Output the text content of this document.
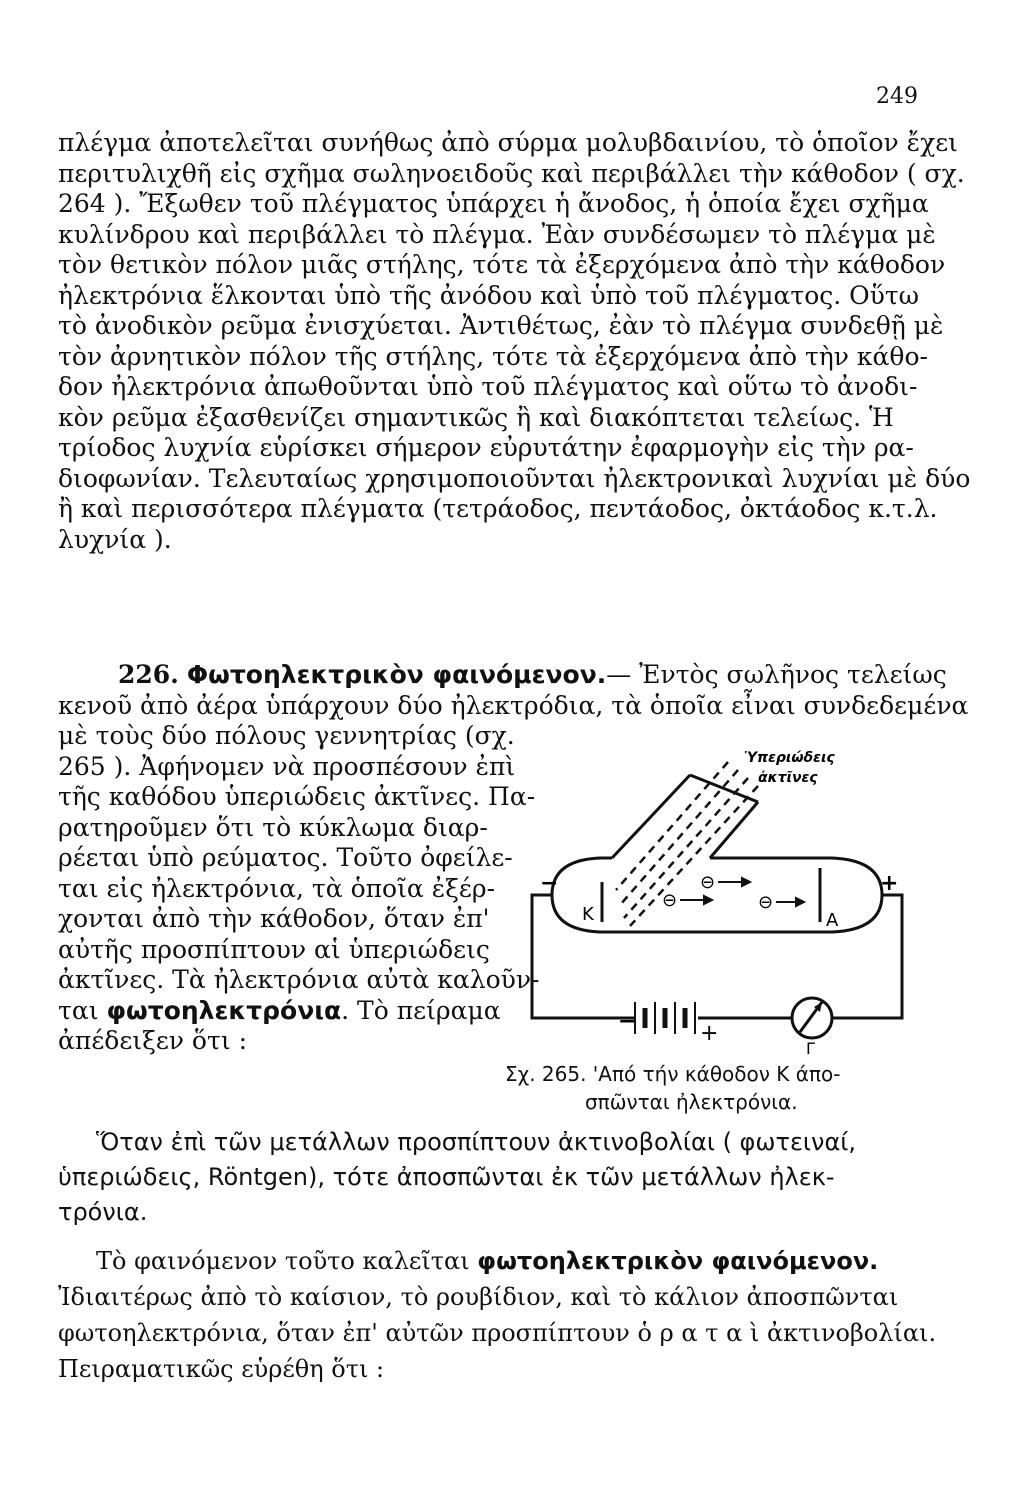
249
πλέγμα ἀποτελεῖται συνήθως ἀπὸ σύρμα μολυβδαινίου, τὸ ὁποῖον ἔχει
περιτυλιχθῆ εἰς σχῆμα σωληνοειδοῦς καὶ περιβάλλει τὴν κάθοδον ( σχ.
264 ). Ἔξωθεν τοῦ πλέγματος ὑπάρχει ἡ ἄνοδος, ἡ ὁποία ἔχει σχῆμα
κυλίνδρου καὶ περιβάλλει τὸ πλέγμα. Ἐὰν συνδέσωμεν τὸ πλέγμα μὲ
τὸν θετικὸν πόλον μιᾶς στήλης, τότε τὰ ἐξερχόμενα ἀπὸ τὴν κάθοδον
ἠλεκτρόνια ἕλκονται ὑπὸ τῆς ἀνόδου καὶ ὑπὸ τοῦ πλέγματος. Οὕτω
τὸ ἀνοδικὸν ρεῦμα ἐνισχύεται. Ἀντιθέτως, ἐὰν τὸ πλέγμα συνδεθῇ μὲ
τὸν ἀρνητικὸν πόλον τῆς στήλης, τότε τὰ ἐξερχόμενα ἀπὸ τὴν κάθο-
δον ἠλεκτρόνια ἀπωθοῦνται ὑπὸ τοῦ πλέγματος καὶ οὕτω τὸ ἀνοδι-
κὸν ρεῦμα ἐξασθενίζει σημαντικῶς ἢ καὶ διακόπτεται τελείως. Ἡ
τρίοδος λυχνία εὑρίσκει σήμερον εὐρυτάτην ἐφαρμογὴν εἰς τὴν ρα-
διοφωνίαν. Τελευταίως χρησιμοποιοῦνται ἠλεκτρονικαὶ λυχνίαι μὲ δύο
ἢ καὶ περισσότερα πλέγματα (τετράοδος, πεντάοδος, ὀκτάοδος κ.τ.λ.
λυχνία ).
226. Φωτοηλεκτρικὸν φαινόμενον.— Ἐντὸς σωλῆνος τελείως
κενοῦ ἀπὸ ἀέρα ὑπάρχουν δύο ἠλεκτρόδια, τὰ ὁποῖα εἶναι συνδεδεμένα
μὲ τοὺς δύο πόλους γεννητρίας (σχ.
265 ). Ἀφήνομεν νὰ προσπέσουν ἐπὶ
τῆς καθόδου ὑπεριώδεις ἀκτῖνες. Πα-
ρατηροῦμεν ὅτι τὸ κύκλωμα διαρ-
ρέεται ὑπὸ ρεύματος. Τοῦτο ὀφείλε-
ται εἰς ἠλεκτρόνια, τὰ ὁποῖα ἐξέρ-
χονται ἀπὸ τὴν κάθοδον, ὅταν ἐπ'
αὐτῆς προσπίπτουν αἱ ὑπεριώδεις
ἀκτῖνες. Τὰ ἠλεκτρόνια αὐτὰ καλοῦν-
ται φωτοηλεκτρόνια. Τὸ πείραμα
ἀπέδειξεν ὅτι :
Ὑπεριώδεις
ἀκτῖνες
K	A
−	+
−	+
Γ
⊖
⊖	⊖
Σχ. 265. 'Από τήν κάθοδον Κ άπο-
σπῶνται ἠλεκτρόνια.
Ὅταν ἐπὶ τῶν μετάλλων προσπίπτουν ἀκτινοβολίαι ( φωτειναί,
ὑπεριώδεις, Röntgen), τότε ἀποσπῶνται ἐκ τῶν μετάλλων ἠλεκ-
τρόνια.
Τὸ φαινόμενον τοῦτο καλεῖται φωτοηλεκτρικὸν φαινόμενον.
Ἰδιαιτέρως ἀπὸ τὸ καίσιον, τὸ ρουβίδιον, καὶ τὸ κάλιον ἀποσπῶνται
φωτοηλεκτρόνια, ὅταν ἐπ' αὐτῶν προσπίπτουν ὁ ρ α τ α ὶ ἀκτινοβολίαι.
Πειραματικῶς εὑρέθη ὅτι :
